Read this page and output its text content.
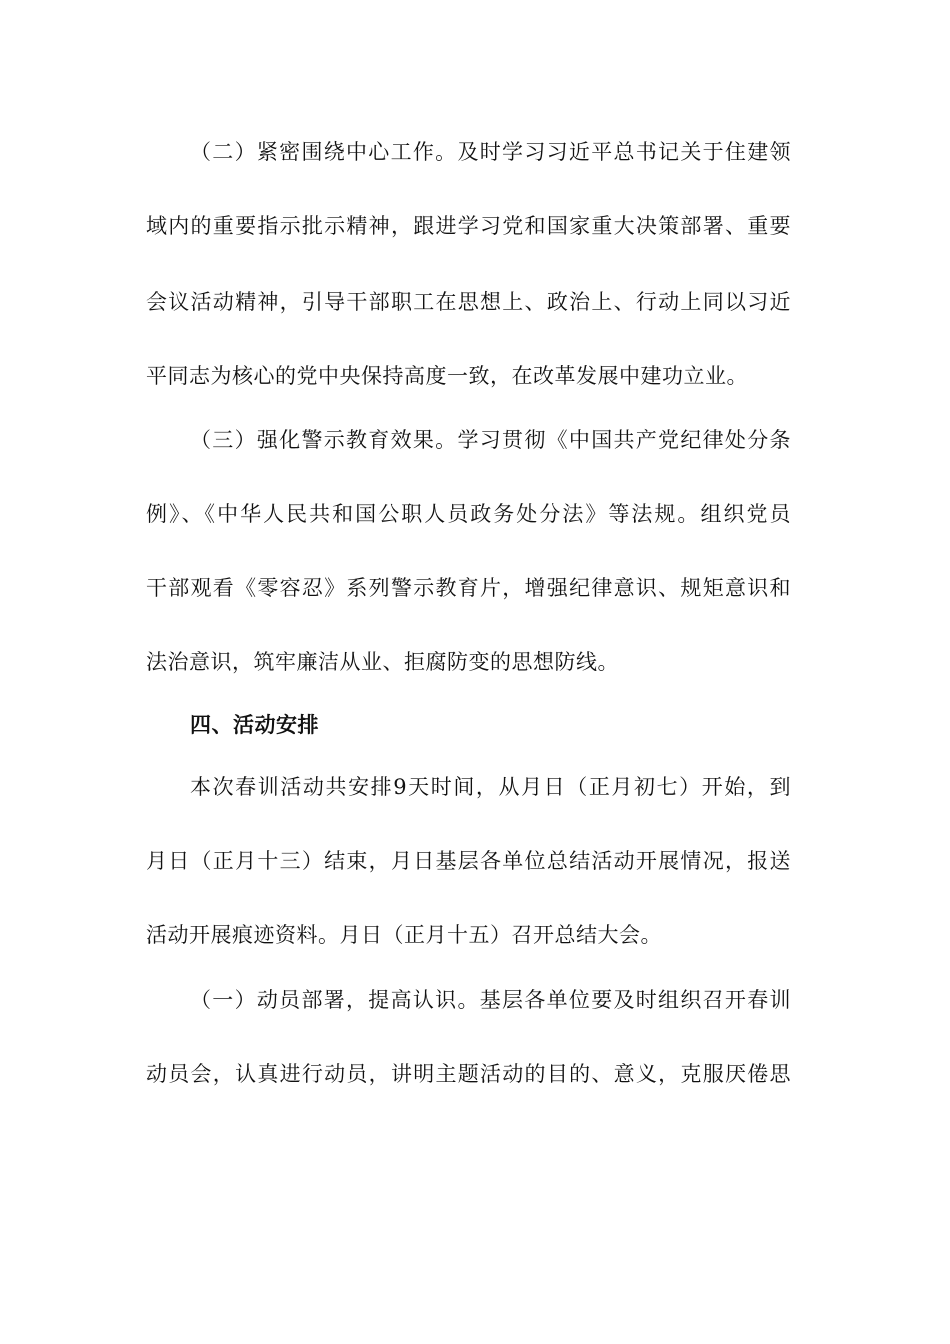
（二）紧密围绕中心工作。及时学习习近平总书记关于住建领
域内的重要指示批示精神，跟进学习党和国家重大决策部署、重要
会议活动精神，引导干部职工在思想上、政治上、行动上同以习近
平同志为核心的党中央保持高度一致，在改革发展中建功立业。
（三）强化警示教育效果。学习贯彻《中国共产党纪律处分条
例》、《中华人民共和国公职人员政务处分法》等法规。组织党员
干部观看《零容忍》系列警示教育片，增强纪律意识、规矩意识和
法治意识，筑牢廉洁从业、拒腐防变的思想防线。
四、活动安排
本次春训活动共安排9天时间，从月日（正月初七）开始，到
月日（正月十三）结束，月日基层各单位总结活动开展情况，报送
活动开展痕迹资料。月日（正月十五）召开总结大会。
（一）动员部署，提高认识。基层各单位要及时组织召开春训
动员会，认真进行动员，讲明主题活动的目的、意义，克服厌倦思
